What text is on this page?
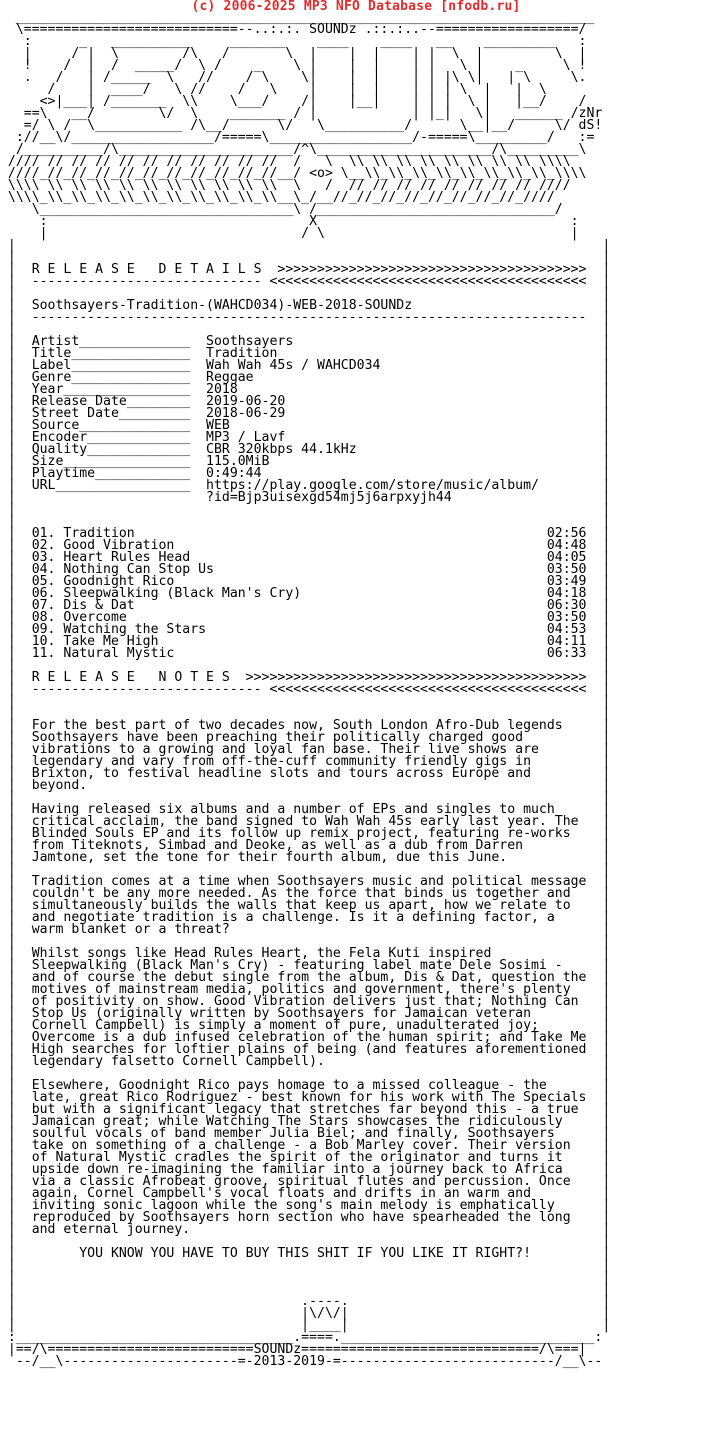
(c) 2006-2025 MP3 NFO Database [nfodb.ru]
_________________________________________________________________________
\===========================--..:.:. SOUNDz .::.:..--==================/
:      _   __________     _______    ____    ____   __    _________   :
|     / |  \        /\   /       \  |    |  |    | |  \  |         \  |
!    /  |  /  _____/  \ /    _    \ |    |  |    | |   \ |    _     \ !
.   /   | /_____  \   //    / \    \|    |  |    | | |\ \|   | \     \.
/    |  ____/   \ //    /   \    |    |  |    | | | \  |   |  \
<>|___| /_______  \\    \___/    /|    |__|    | | |  \ |   |__/    /
==\   __/        \/  \    _______ / |            | |_|   \|   ______ /zNr
=/ \ /  \___________ /\__/      \/   \__________/      \__|__/     \/ dS!
://__\/__________________/=====\__________________/-=====\_________/   :=
/__________/\______________________/^\______________________/\_________\
//// // // // // // // // // // //  /   \  \\ \\ \\ \\ \\ \\ \\ \\ \\\\
////_//_//_//_//_//_//_//_//_//_//__/ <o> \__\\_\\_\\_\\_\\_\\_\\_\\_\\\\
\\\\ \\ \\ \\ \\ \\ \\ \\ \\ \\ \\  \   /  // // // // // // // // ////
\\\\_\\_\\_\\_\\_\\_\\_\\_\\_\\_\\__\_/__//_//_//_//_//_//_//_//_////
\________________________________\ /______________________________/
:                                 X                                :
|                                / \                               |
|                                                                          |
|                                                                          |
|  R E L E A S E   D E T A I L S  >>>>>>>>>>>>>>>>>>>>>>>>>>>>>>>>>>>>>>>  |
|  ----------------------------- <<<<<<<<<<<<<<<<<<<<<<<<<<<<<<<<<<<<<<<<  |
|                                                                          |
|  Soothsayers-Tradition-(WAHCD034)-WEB-2018-SOUNDz                        |
|  ----------------------------------------------------------------------  |
|                                                                          |
|  Artist______________  Soothsayers                                       |
|  Title_______________  Tradition                                         |
|  Label_______________  Wah Wah 45s / WAHCD034                            |
|  Genre_______________  Reggae                                            |
|  Year________________  2018                                              |
|  Release Date________  2019-06-20                                        |
|  Street Date_________  2018-06-29                                        |
|  Source______________  WEB                                               |
|  Encoder_____________  MP3 / Lavf                                        |
|  Quality_____________  CBR 320kbps 44.1kHz                               |
|  Size________________  115.0MiB                                          |
|  Playtime____________  0:49:44                                           |
|  URL_________________  https://play.google.com/store/music/album/        |
|                        ?id=Bjp3uisexgd54mj5j6arpxyjh44                   |
|                                                                          |
|                                                                          |
|  01. Tradition                                                    02:56  |
|  02. Good Vibration                                               04:48  |
|  03. Heart Rules Head                                             04:05  |
|  04. Nothing Can Stop Us                                          03:50  |
|  05. Goodnight Rico                                               03:49  |
|  06. Sleepwalking (Black Man's Cry)                               04:18  |
|  07. Dis & Dat                                                    06:30  |
|  08. Overcome                                                     03:50  |
|  09. Watching the Stars                                           04:53  |
|  10. Take Me High                                                 04:11  |
|  11. Natural Mystic                                               06:33  |
|                                                                          |
|  R E L E A S E   N O T E S  >>>>>>>>>>>>>>>>>>>>>>>>>>>>>>>>>>>>>>>>>>>  |
|  ----------------------------- <<<<<<<<<<<<<<<<<<<<<<<<<<<<<<<<<<<<<<<<  |
|                                                                          |
|                                                                          |
|  For the best part of two decades now, South London Afro-Dub legends     |
|  Soothsayers have been preaching their politically charged good          |
|  vibrations to a growing and loyal fan base. Their live shows are        |
|  legendary and vary from off-the-cuff community friendly gigs in         |
|  Brixton, to festival headline slots and tours across Europe and         |
|  beyond.                                                                 |
|                                                                          |
|  Having released six albums and a number of EPs and singles to much      |
|  critical acclaim, the band signed to Wah Wah 45s early last year. The   |
|  Blinded Souls EP and its follow up remix project, featuring re-works    |
|  from Titeknots, Simbad and Deoke, as well as a dub from Darren          |
|  Jamtone, set the tone for their fourth album, due this June.            |
|                                                                          |
|  Tradition comes at a time when Soothsayers music and political message  |
|  couldn't be any more needed. As the force that binds us together and    |
|  simultaneously builds the walls that keep us apart, how we relate to    |
|  and negotiate tradition is a challenge. Is it a defining factor, a      |
|  warm blanket or a threat?                                               |
|                                                                          |
|  Whilst songs like Head Rules Heart, the Fela Kuti inspired              |
|  Sleepwalking (Black Man's Cry) - featuring label mate Dele Sosimi -     |
|  and of course the debut single from the album, Dis & Dat, question the  |
|  motives of mainstream media, politics and government, there's plenty    |
|  of positivity on show. Good Vibration delivers just that; Nothing Can   |
|  Stop Us (originally written by Soothsayers for Jamaican veteran         |
|  Cornell Campbell) is simply a moment of pure, unadulterated joy;        |
|  Overcome is a dub infused celebration of the human spirit; and Take Me  |
|  High searches for loftier plains of being (and features aforementioned  |
|  legendary falsetto Cornell Campbell).                                   |
|                                                                          |
|  Elsewhere, Goodnight Rico pays homage to a missed colleague - the       |
|  late, great Rico Rodriguez - best known for his work with The Specials  |
|  but with a significant legacy that stretches far beyond this - a true   |
|  Jamaican great; while Watching The Stars showcases the ridiculously     |
|  soulful vocals of band member Julia Biel; and finally, Soothsayers      |
|  take on something of a challenge - a Bob Marley cover. Their version    |
|  of Natural Mystic cradles the spirit of the originator and turns it     |
|  upside down re-imagining the familiar into a journey back to Africa     |
|  via a classic Afrobeat groove, spiritual flutes and percussion. Once    |
|  again, Cornel Campbell's vocal floats and drifts in an warm and         |
|  inviting sonic lagoon while the song's main melody is emphatically      |
|  reproduced by Soothsayers horn section who have spearheaded the long    |
|  and eternal journey.                                                    |
|                                                                          |
|        YOU KNOW YOU HAVE TO BUY THIS SHIT IF YOU LIKE IT RIGHT?!         |
|                                                                          |
|                                                                          |
|                                                                          |
|                                    .----.                                |
|                                    |\/\/|                                |
|                                    |____|                                |
:___________________________________.====.________________________________:
|==/\==========================SOUNDz==============================/\===|
--/__\----------------------=-2013-2019-=---------------------------/__\--
